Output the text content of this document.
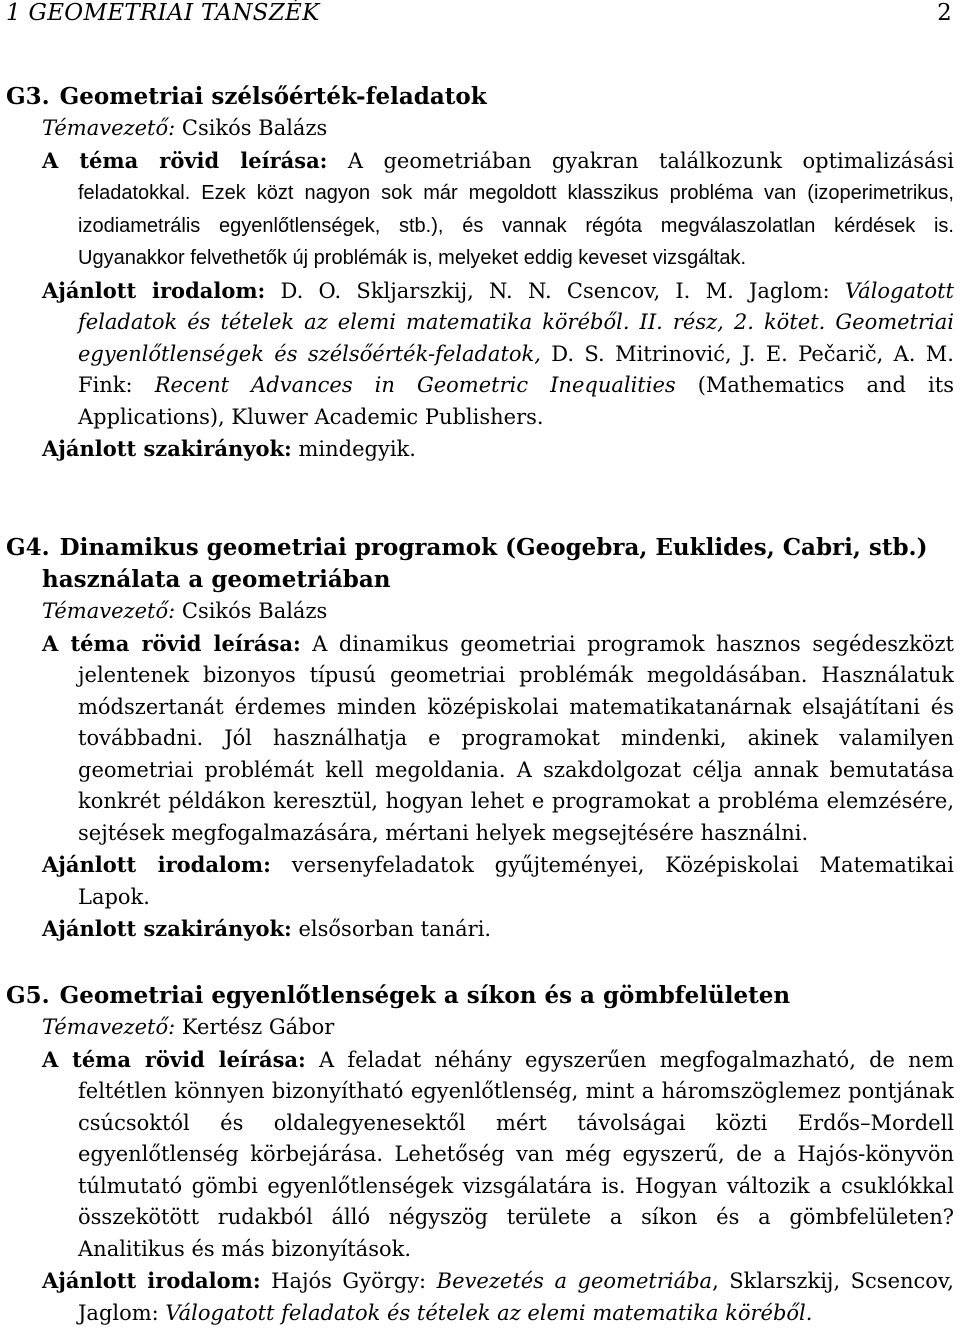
1 GEOMETRIAI TANSZÉK	2

G3. Geometriai szélsőérték-feladatok

Témavezető: Csikós Balázs

A téma rövid leírása: A geometriában gyakran találkozunk optimalizásási feladatokkal. Ezek közt nagyon sok már megoldott klasszikus probléma van (izoperimetrikus, izodiametrális egyenlőtlenségek, stb.), és vannak régóta megválaszolatlan kérdések is. Ugyanakkor felvethetők új problémák is, melyeket eddig keveset vizsgáltak.

Ajánlott irodalom: D. O. Skljarszkij, N. N. Csencov, I. M. Jaglom: Válogatott feladatok és tételek az elemi matematika köréből. II. rész, 2. kötet. Geometriai egyenlőtlenségek és szélsőérték-feladatok, D. S. Mitrinović, J. E. Pečarič, A. M. Fink: Recent Advances in Geometric Inequalities (Mathematics and its Applications), Kluwer Academic Publishers.

Ajánlott szakirányok: mindegyik.

G4. Dinamikus geometriai programok (Geogebra, Euklides, Cabri, stb.)
használata a geometriában

Témavezető: Csikós Balázs

A téma rövid leírása: A dinamikus geometriai programok hasznos segédeszközt jelentenek bizonyos típusú geometriai problémák megoldásában. Használatuk módszertanát érdemes minden középiskolai matematikatanárnak elsajátítani és továbbadni. Jól használhatja e programokat mindenki, akinek valamilyen geometriai problémát kell megoldania. A szakdolgozat célja annak bemutatása konkrét példákon keresztül, hogyan lehet e programokat a probléma elemzésére, sejtések megfogalmazására, mértani helyek megsejtésére használni.

Ajánlott irodalom: versenyfeladatok gyűjteményei, Középiskolai Matematikai Lapok.

Ajánlott szakirányok: elsősorban tanári.

G5. Geometriai egyenlőtlenségek a síkon és a gömbfelületen

Témavezető: Kertész Gábor

A téma rövid leírása: A feladat néhány egyszerűen megfogalmazható, de nem feltétlen könnyen bizonyítható egyenlőtlenség, mint a háromszöglemez pontjának csúcsoktól és oldalegyenesektől mért távolságai közti Erdős–Mordell egyenlőtlenség körbejárása. Lehetőség van még egyszerű, de a Hajós-könyvön túlmutató gömbi egyenlőtlenségek vizsgálatára is. Hogyan változik a csuklókkal összekötött rudakból álló négyszög területe a síkon és a gömbfelületen? Analitikus és más bizonyítások.

Ajánlott irodalom: Hajós György: Bevezetés a geometriába, Sklarszkij, Scsencov, Jaglom: Válogatott feladatok és tételek az elemi matematika köréből.
